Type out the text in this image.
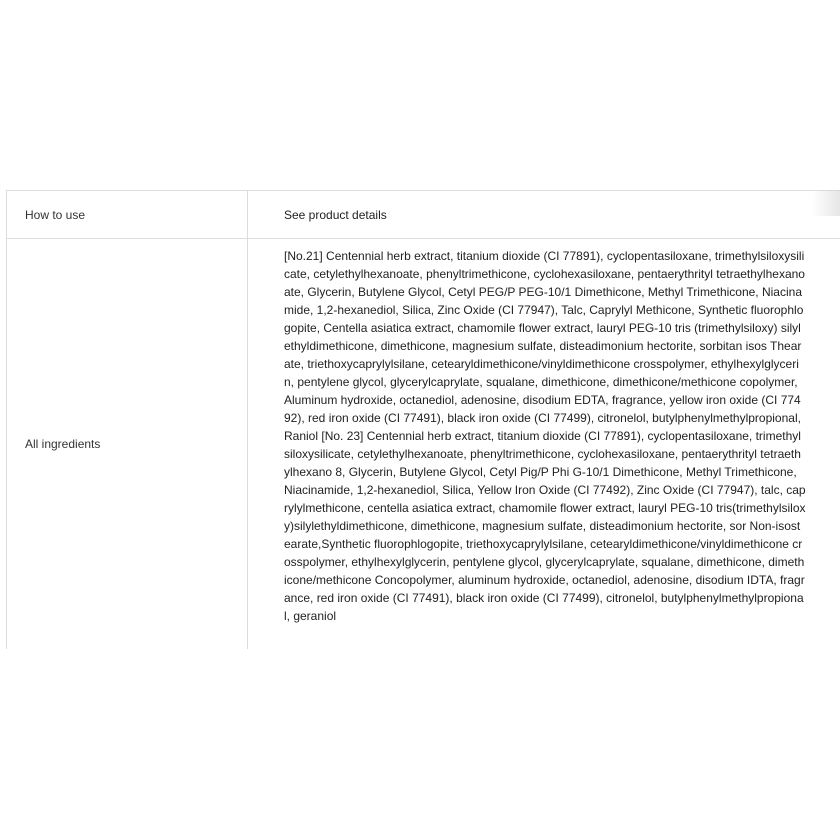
How to use	See product details
All ingredients
[No.21] Centennial herb extract, titanium dioxide (CI 77891), cyclopentasiloxane, trimethylsiloxysilicate, cetylethylhexanoate, phenyltrimethicone, cyclohexasiloxane, pentaerythrityl tetraethylhexanoate, Glycerin, Butylene Glycol, Cetyl PEG/P PEG-10/1 Dimethicone, Methyl Trimethicone, Niacinamide, 1,2-hexanediol, Silica, Zinc Oxide (CI 77947), Talc, Caprylyl Methicone, Synthetic fluorophlogopite, Centella asiatica extract, chamomile flower extract, lauryl PEG-10 tris (trimethylsiloxy) silylethyldimethicone, dimethicone, magnesium sulfate, disteadimonium hectorite, sorbitan isos Thearate, triethoxycaprylylsilane, cetearyldimethicone/vinyldimethicone crosspolymer, ethylhexylglycerin, pentylene glycol, glycerylcaprylate, squalane, dimethicone, dimethicone/methicone copolymer, Aluminum hydroxide, octanediol, adenosine, disodium EDTA, fragrance, yellow iron oxide (CI 77492), red iron oxide (CI 77491), black iron oxide (CI 77499), citronelol, butylphenylmethylpropional, Raniol [No. 23] Centennial herb extract, titanium dioxide (CI 77891), cyclopentasiloxane, trimethylsiloxysilicate, cetylethylhexanoate, phenyltrimethicone, cyclohexasiloxane, pentaerythrityl tetraethylhexano 8, Glycerin, Butylene Glycol, Cetyl Pig/P Phi G-10/1 Dimethicone, Methyl Trimethicone, Niacinamide, 1,2-hexanediol, Silica, Yellow Iron Oxide (CI 77492), Zinc Oxide (CI 77947), talc, caprylylmethicone, centella asiatica extract, chamomile flower extract, lauryl PEG-10 tris(trimethylsiloxy)silylethyldimethicone, dimethicone, magnesium sulfate, disteadimonium hectorite, sor Non-isostearate,Synthetic fluorophlogopite, triethoxycaprylylsilane, cetearyldimethicone/vinyldimethicone crosspolymer, ethylhexylglycerin, pentylene glycol, glycerylcaprylate, squalane, dimethicone, dimethicone/methicone Concopolymer, aluminum hydroxide, octanediol, adenosine, disodium IDTA, fragrance, red iron oxide (CI 77491), black iron oxide (CI 77499), citronelol, butylphenylmethylpropional, geraniol
